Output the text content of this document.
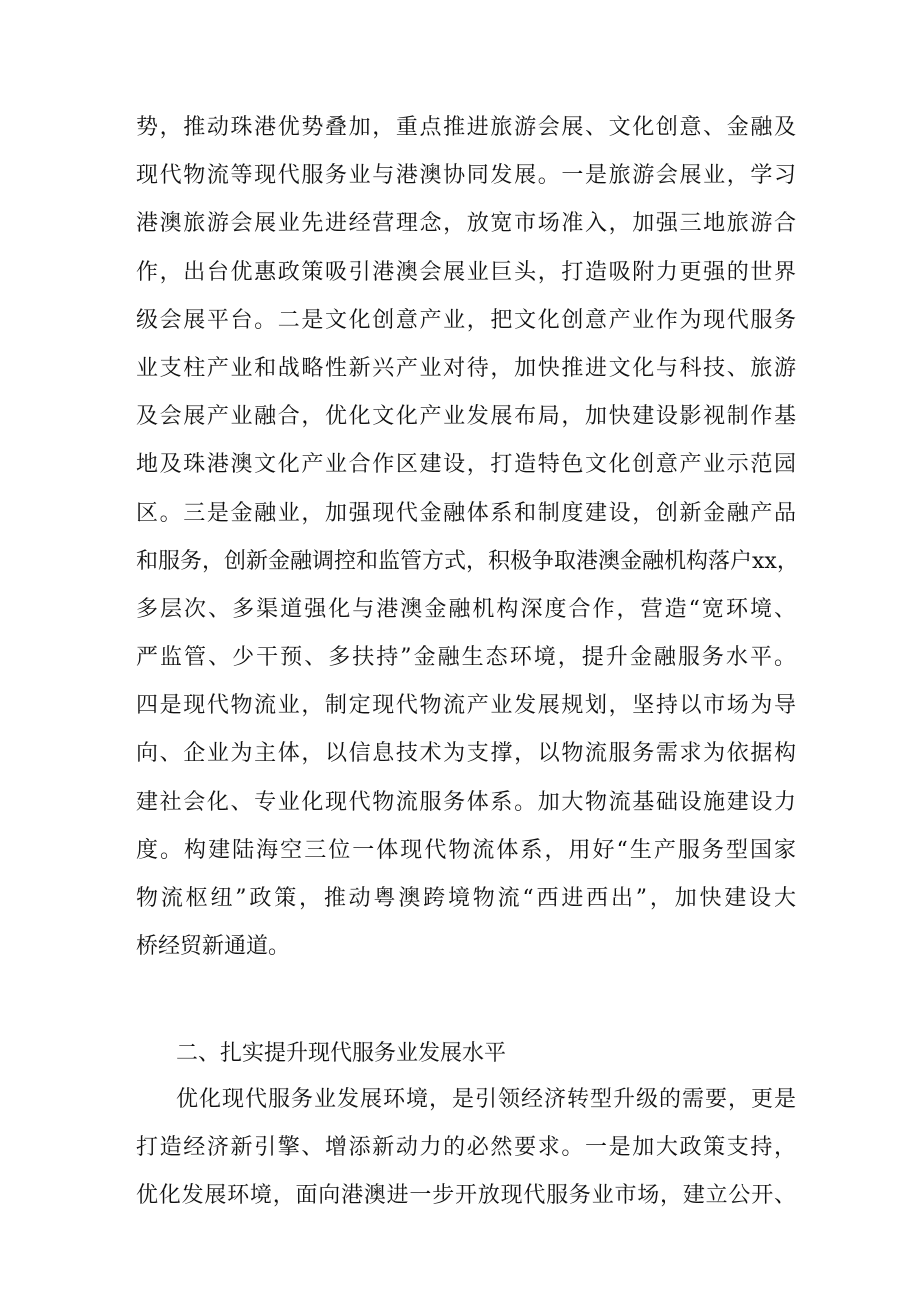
势，推动珠港优势叠加，重点推进旅游会展、文化创意、金融及
现代物流等现代服务业与港澳协同发展。一是旅游会展业，学习
港澳旅游会展业先进经营理念，放宽市场准入，加强三地旅游合
作，出台优惠政策吸引港澳会展业巨头，打造吸附力更强的世界
级会展平台。二是文化创意产业，把文化创意产业作为现代服务
业支柱产业和战略性新兴产业对待，加快推进文化与科技、旅游
及会展产业融合，优化文化产业发展布局，加快建设影视制作基
地及珠港澳文化产业合作区建设，打造特色文化创意产业示范园
区。三是金融业，加强现代金融体系和制度建设，创新金融产品
和服务，创新金融调控和监管方式，积极争取港澳金融机构落户xx，
多层次、多渠道强化与港澳金融机构深度合作，营造“宽环境、
严监管、少干预、多扶持”金融生态环境，提升金融服务水平。
四是现代物流业，制定现代物流产业发展规划，坚持以市场为导
向、企业为主体，以信息技术为支撑，以物流服务需求为依据构
建社会化、专业化现代物流服务体系。加大物流基础设施建设力
度。构建陆海空三位一体现代物流体系，用好“生产服务型国家
物流枢纽”政策，推动粤澳跨境物流“西进西出”，加快建设大
桥经贸新通道。
二、扎实提升现代服务业发展水平
优化现代服务业发展环境，是引领经济转型升级的需要，更是
打造经济新引擎、增添新动力的必然要求。一是加大政策支持，
优化发展环境，面向港澳进一步开放现代服务业市场，建立公开、
